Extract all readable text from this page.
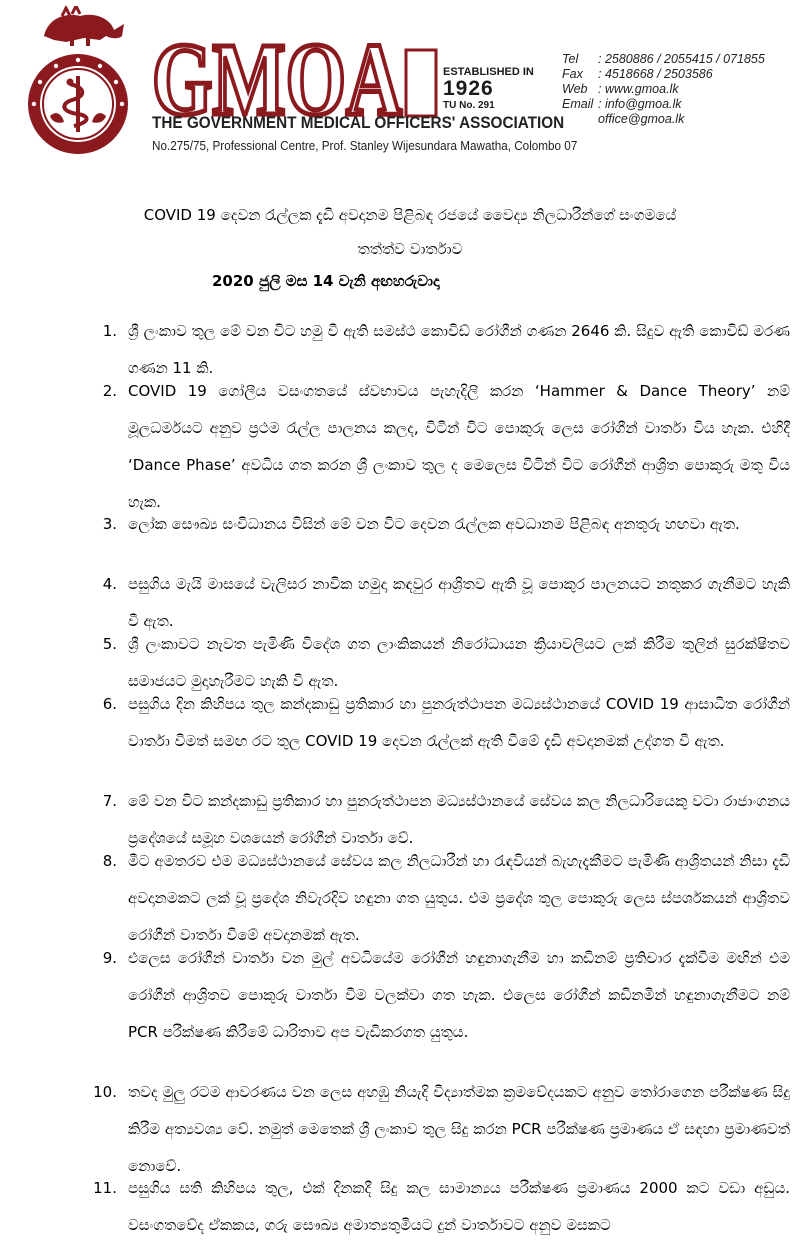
GMOA	ESTABLISHED IN
1926
TU No. 291
THE GOVERNMENT MEDICAL OFFICERS' ASSOCIATION
No.275/75, Professional Centre, Prof. Stanley Wijesundara Mawatha, Colombo 07
Tel	: 2580886 / 2055415 / 071855
Fax	: 4518668 / 2503586
Web : www.gmoa.lk
Email : info@gmoa.lk
office@gmoa.lk
COVID 19 දෙවන රැල්ලක දැඩි අවදානම පිළිබඳ රජයේ වෛද්‍ය නිලධාරීන්ගේ සංගමයේ
තත්ත්ව වාර්තාව
2020 ජුලි මස 14 වැනි අඟහරුවාදා
1. ශ්‍රී ලංකාව තුල මේ වන විට හමු වී ඇති සමස්ථ කොවිඩ් රෝගීන් ගණන 2646 කි. සිදුව ඇති කොවිඩ් මරණ ගණන 11 කි.
2. COVID 19 ගෝලීය වසංගතයේ ස්වභාවය පැහැදිලි කරන ‘Hammer & Dance Theory’ නම් මූලධර්මයට අනුව ප්‍රථම රැල්ල පාලනය කලද, විටින් විට පොකුරු ලෙස රෝගීන් වාර්තා විය හැක. එහිදී ‘Dance Phase’ අවධිය ගත කරන ශ්‍රී ලංකාව තුල ද මෙලෙස විටින් විට රෝගීන් ආශ්‍රිත පොකුරු මතු විය හැක.
3. ලෝක සෞඛ්‍ය සංවිධානය විසින් මේ වන විට දෙවන රැල්ලක අවධානම පිළිබඳ අනතුරු හඟවා ඇත.
4. පසුගිය මැයි මාසයේ වැලිසර නාවික හමුදා කඳවුර ආශ්‍රිතව ඇති වූ පොකුර පාලනයට නතුකර ගැනීමට හැකි වී ඇත.
5. ශ්‍රී ලංකාවට නැවත පැමිණි විදේශ ගත ලාංකිකයන් නිරෝධායන ක්‍රියාවලියට ලක් කිරීම තුලින් සුරක්ෂිතව සමාජයට මුදාහැරීමට හැකි වී ඇත.
6. පසුගිය දින කිහිපය තුල කන්දකාඩු ප්‍රතිකාර හා පුනරුත්ථාපන මධ්‍යස්ථානයේ COVID 19 ආසාධිත රෝගීන් වාර්තා වීමත් සමඟ රට තුල COVID 19 දෙවන රැල්ලක් ඇති වීමේ දැඩි අවදානමක් උද්ගත වී ඇත.
7. මේ වන විට කන්දකාඩු ප්‍රතිකාර හා පුනරුත්ථාපන මධ්‍යස්ථානයේ සේවය කල නිලධාරියෙකු වටා රාජාංගනය ප්‍රදේශයේ සමූහ වශයෙන් රෝගීන් වාර්තා වේ.
8. මීට අමතරව එම මධ්‍යස්ථානයේ සේවය කල නිලධාරීන් හා රැඳවියන් බැහැදැකීමට පැමිණි ආශ්‍රිතයන් නිසා දැඩි අවදානමකට ලක් වූ ප්‍රදේශ නිවැරදිව හඳුනා ගත යුතුය. එම ප්‍රදේශ තුල පොකුරු ලෙස ස්පර්ශකයන් ආශ්‍රිතව රෝගීන් වාර්තා වීමේ අවදානමක් ඇත.
9. එලෙස රෝගීන් වාර්තා වන මුල් අවධියේම රෝගීන් හඳුනාගැනීම හා කඩිනම් ප්‍රතිචාර දැක්වීම මඟින් එම රෝගීන් ආශ්‍රිතව පොකුරු වාර්තා වීම වලක්වා ගත හැක. එලෙස රෝගීන් කඩිනමින් හඳුනාගැනීමට නම් PCR පරීක්ෂණ කිරීමේ ධාරිතාව අප වැඩිකරගත යුතුය.
10. තවද මුලු රටම ආවරණය වන ලෙස අහඹු නියැදි විද්‍යාත්මක ක්‍රමවේදයකට අනුව තෝරාගෙන පරීක්ෂණ සිදු කිරීම අත්‍යවශ්‍ය වේ. නමුත් මෙතෙක් ශ්‍රී ලංකාව තුල සිදු කරන PCR පරීක්ෂණ ප්‍රමාණය ඒ සඳහා ප්‍රමාණවත් නොවේ.
11. පසුගිය සති කිහිපය තුල, එක් දිනකදී සිදු කල සාමාන්‍යය පරීක්ෂණ ප්‍රමාණය 2000 කට වඩා අඩුය. වසංගතවේද ඒකකය, ගරු සෞඛ්‍ය අමාත්‍යතුමියට දුන් වාර්තාවට අනුව මසකට
